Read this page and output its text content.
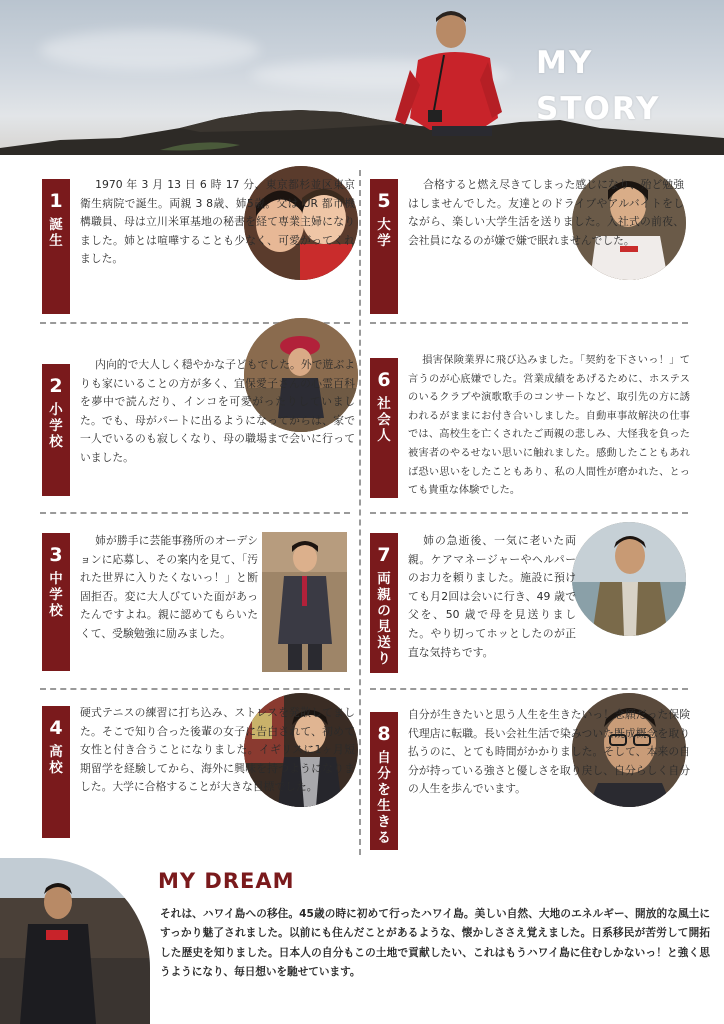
MY
STORY
1
誕生
1970 年 3 月 13 日 6 時 17 分、東京都杉並区東京衛生病院で誕生。両親 3 8歳、姉5歳。父は UR 都市機構職員、母は立川米軍基地の秘書を経て専業主婦になりました。姉とは喧嘩することも少なく、可愛がってくれました。
2
小学校
内向的で大人しく穏やかな子どもでした。外で遊ぶよりも家にいることの方が多く、宜保愛子さんの心霊百科を夢中で読んだり、インコを可愛がったりしていました。でも、母がパートに出るようになってからは、家で一人でいるのも寂しくなり、母の職場まで会いに行っていました。
3
中学校
姉が勝手に芸能事務所のオーデションに応募し、その案内を見て、「汚れた世界に入りたくないっ！」と断固拒否。変に大人びていた面があったんですよね。親に認めてもらいたくて、受験勉強に励みました。
4
高校
硬式テニスの練習に打ち込み、ストレスを発散してました。そこで知り合った後輩の女子に告白されて、初めて女性と付き合うことになりました。イギリスに1ヶ月短期留学を経験してから、海外に興味を持つようになりました。大学に合格することが大きな目標でした。
5
大学
合格すると燃え尽きてしまった感じになり、殆ど勉強はしませんでした。友達とのドライブやアルバイトをしながら、楽しい大学生活を送りました。入社式の前夜、会社員になるのが嫌で嫌で眠れませんでした。
6
社会人
損害保険業界に飛び込みました。「契約を下さいっ！」て言うのが心底嫌でした。営業成績をあげるために、ホステスのいるクラブや演歌歌手のコンサートなど、取引先の方に誘われるがままにお付き合いしました。自動車事故解決の仕事では、高校生を亡くされたご両親の悲しみ、大怪我を負った被害者のやるせない思いに触れました。感動したこともあれば恐い思いをしたこともあり、私の人間性が磨かれた、とっても貴重な体験でした。
7
両親の見送り
姉の急逝後、一気に老いた両親。ケアマネージャーやヘルパーのお力を頼りました。施設に預けても月2回は会いに行き、49 歳で父を、50 歳で母を見送りました。やり切ってホッとしたのが正直な気持ちです。
8
自分を生きる
自分が生きたいと思う人生を生きたいっ！念願だった保険代理店に転職。長い会社生活で染みついた既成概念を取り払うのに、とても時間がかかりました。そして、本来の自分が持っている強さと優しさを取り戻し、自分らしく自分の人生を歩んでいます。
MY DREAM
それは、ハワイ島への移住。45歳の時に初めて行ったハワイ島。美しい自然、大地のエネルギー、開放的な風土にすっかり魅了されました。以前にも住んだことがあるような、懐かしささえ覚えました。日系移民が苦労して開拓した歴史を知りました。日本人の自分もこの土地で貢献したい、これはもうハワイ島に住むしかないっ！と強く思うようになり、毎日想いを馳せています。
